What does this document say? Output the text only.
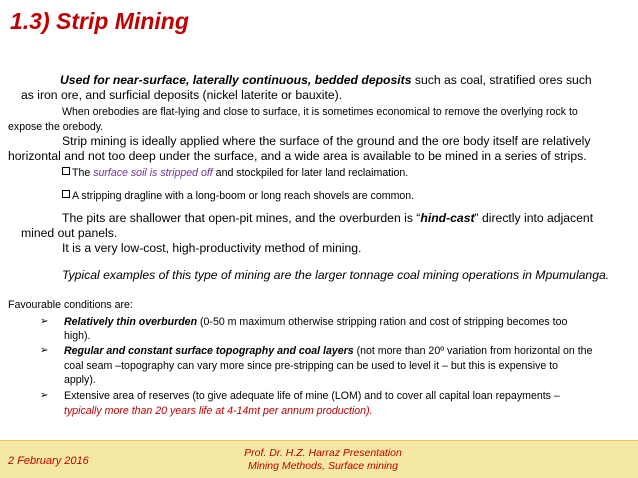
1.3) Strip Mining
Used for near-surface, laterally continuous, bedded deposits such as coal, stratified ores such
as iron ore, and surficial deposits (nickel laterite or bauxite).
When orebodies are flat-lying and close to surface, it is sometimes economical to remove the overlying rock to
expose the orebody.
Strip mining is ideally applied where the surface of the ground and the ore body itself are relatively
horizontal and not too deep under the surface, and a wide area is available to be mined in a series of strips.
The surface soil is stripped off and stockpiled for later land reclaimation.
A stripping dragline with a long-boom or long reach shovels are common.
The pits are shallower that open-pit mines, and the overburden is “hind-cast” directly into adjacent
mined out panels.
It is a very low-cost, high-productivity method of mining.
Typical examples of this type of mining are the larger tonnage coal mining operations in Mpumulanga.
Favourable conditions are:
➢ Relatively thin overburden (0-50 m maximum otherwise stripping ration and cost of stripping becomes too
high).
➢ Regular and constant surface topography and coal layers (not more than 20º variation from horizontal on the
coal seam –topography can vary more since pre-stripping can be used to level it – but this is expensive to
apply).
➢ Extensive area of reserves (to give adequate life of mine (LOM) and to cover all capital loan repayments –
typically more than 20 years life at 4-14mt per annum production).
2 February 2016
Prof. Dr. H.Z. Harraz Presentation
Mining Methods, Surface mining
